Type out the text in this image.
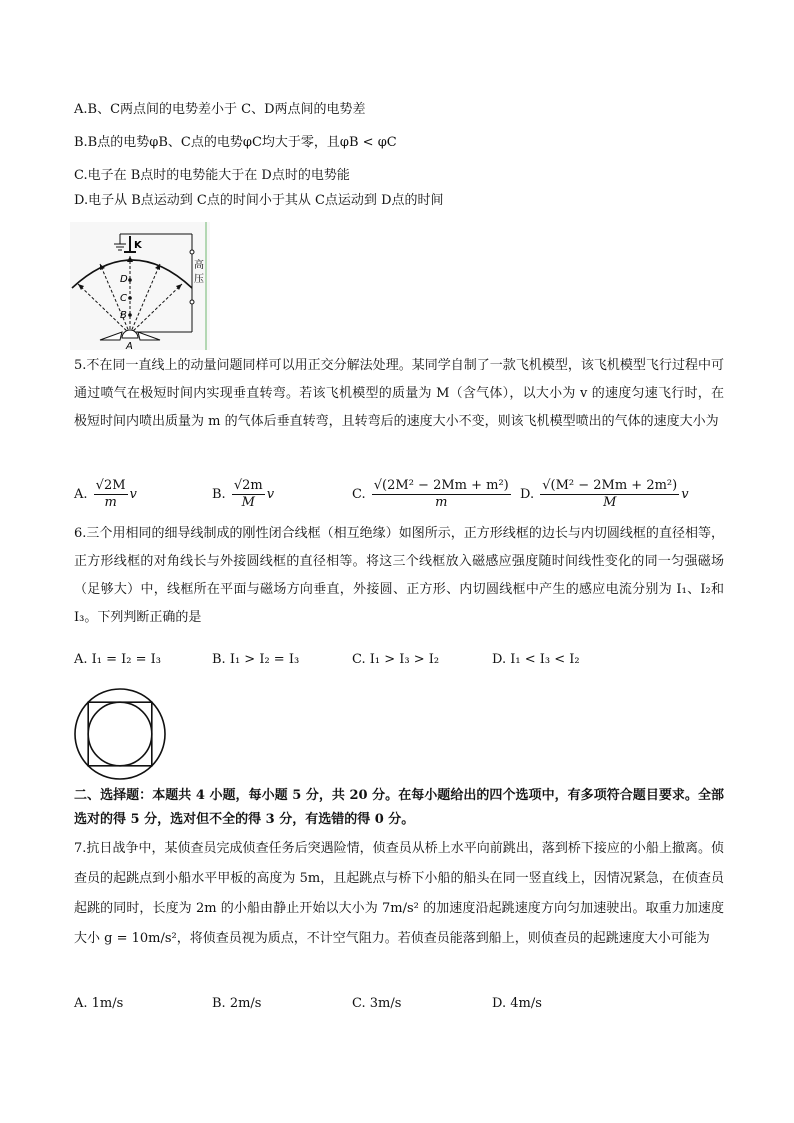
A.B、C两点间的电势差小于 C、D两点间的电势差
B.B点的电势φB、C点的电势φC均大于零，且φB < φC
C.电子在 B点时的电势能大于在 D点时的电势能
D.电子从 B点运动到 C点的时间小于其从 C点运动到 D点的时间
高
压
K
D
C
B
A
5.不在同一直线上的动量问题同样可以用正交分解法处理。某同学自制了一款飞机模型，该飞机模型飞行过程中可通过喷气在极短时间内实现垂直转弯。若该飞机模型的质量为 M（含气体），以大小为 v 的速度匀速飞行时，在极短时间内喷出质量为 m 的气体后垂直转弯，且转弯后的速度大小不变，则该飞机模型喷出的气体的速度大小为
A. $\frac{√2M}{m}$ v	B. $\frac{√2m}{M}$ v	C. $\frac{\text{√(2M² − 2Mm + m²)}}{m} D$. $\frac{\text{√(M² − 2Mm + 2m²)}}{M}$ v
6.三个用相同的细导线制成的刚性闭合线框（相互绝缘）如图所示，正方形线框的边长与内切圆线框的直径相等，正方形线框的对角线长与外接圆线框的直径相等。将这三个线框放入磁感应强度随时间线性变化的同一匀强磁场（足够大）中，线框所在平面与磁场方向垂直，外接圆、正方形、内切圆线框中产生的感应电流分别为 I₁、I₂和 I₃。下列判断正确的是
A. I₁ = I₂ = I₃	B. I₁ > I₂ = I₃	C. I₁ > I₃ > I₂	D. I₁ < I₃ < I₂
二、选择题：本题共 4 小题，每小题 5 分，共 20 分。在每小题给出的四个选项中，有多项符合题目要求。全部选对的得 5 分，选对但不全的得 3 分，有选错的得 0 分。
7.抗日战争中，某侦查员完成侦查任务后突遇险情，侦查员从桥上水平向前跳出，落到桥下接应的小船上撤离。侦查员的起跳点到小船水平甲板的高度为 5m，且起跳点与桥下小船的船头在同一竖直线上，因情况紧急，在侦查员起跳的同时，长度为 2m 的小船由静止开始以大小为 7m/s² 的加速度沿起跳速度方向匀加速驶出。取重力加速度大小 g = 10m/s²，将侦查员视为质点，不计空气阻力。若侦查员能落到船上，则侦查员的起跳速度大小可能为
A. 1m/s	B. 2m/s	C. 3m/s	D. 4m/s
